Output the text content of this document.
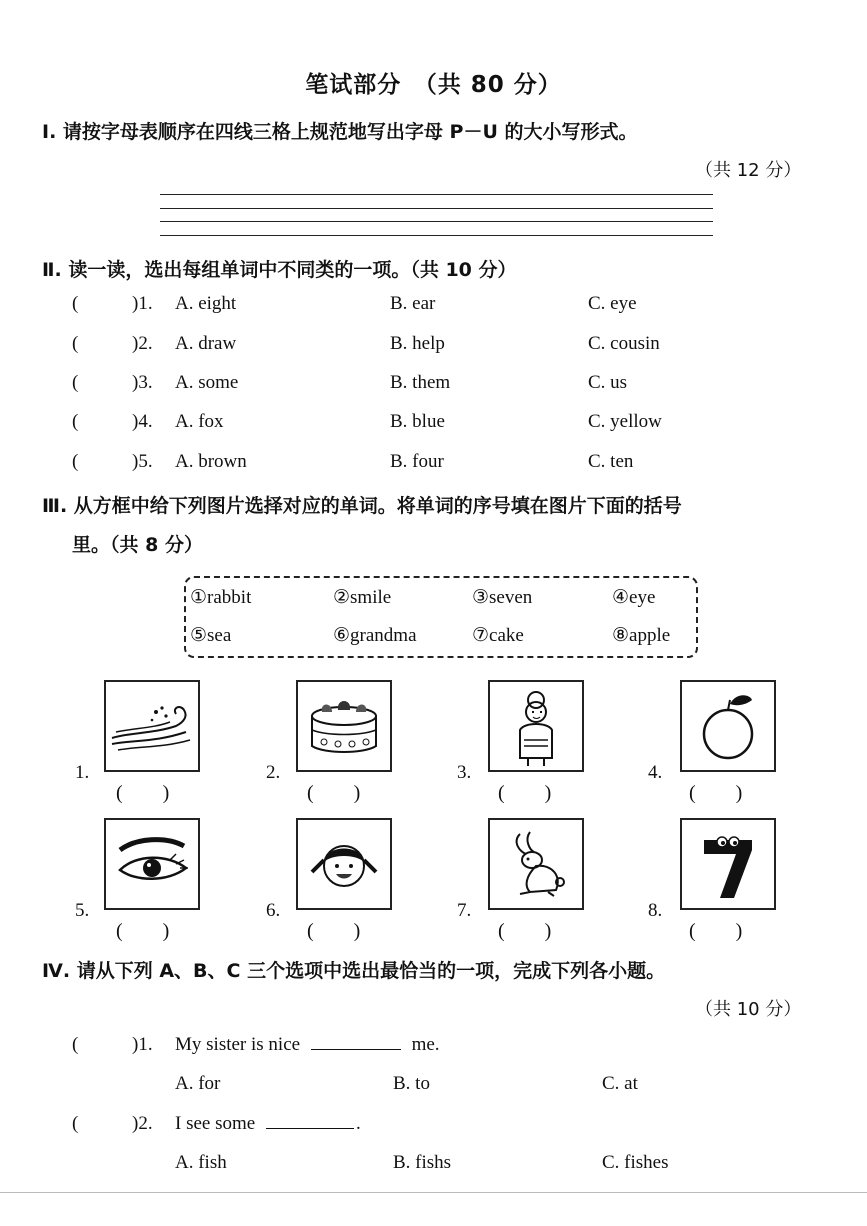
笔试部分　（共 80 分）
Ⅰ. 请按字母表顺序在四线三格上规范地写出字母 P－U 的大小写形式。
（共 12 分）
Ⅱ. 读一读，选出每组单词中不同类的一项。（共 10 分）
(	)1. A. eight	B. ear	C. eye
(	)2. A. draw	B. help	C. cousin
(	)3. A. some	B. them	C. us
(	)4. A. fox	B. blue	C. yellow
(	)5. A. brown	B. four	C. ten
Ⅲ. 从方框中给下列图片选择对应的单词。将单词的序号填在图片下面的括号
里。（共 8 分）
①rabbit	②smile	③seven	④eye
⑤sea	⑥grandma	⑦cake	⑧apple
1.	2.	3.	4.
(　　)	(　　)	(　　)	(　　)
5.	6.	7.	8.
(　　)	(　　)	(　　)	(　　)
Ⅳ. 请从下列 A、B、C 三个选项中选出最恰当的一项，完成下列各小题。
（共 10 分）
(	)1. My sister is nice	me.
A. for	B. to	C. at
(	)2. I see some	.
A. fish	B. fishs	C. fishes
